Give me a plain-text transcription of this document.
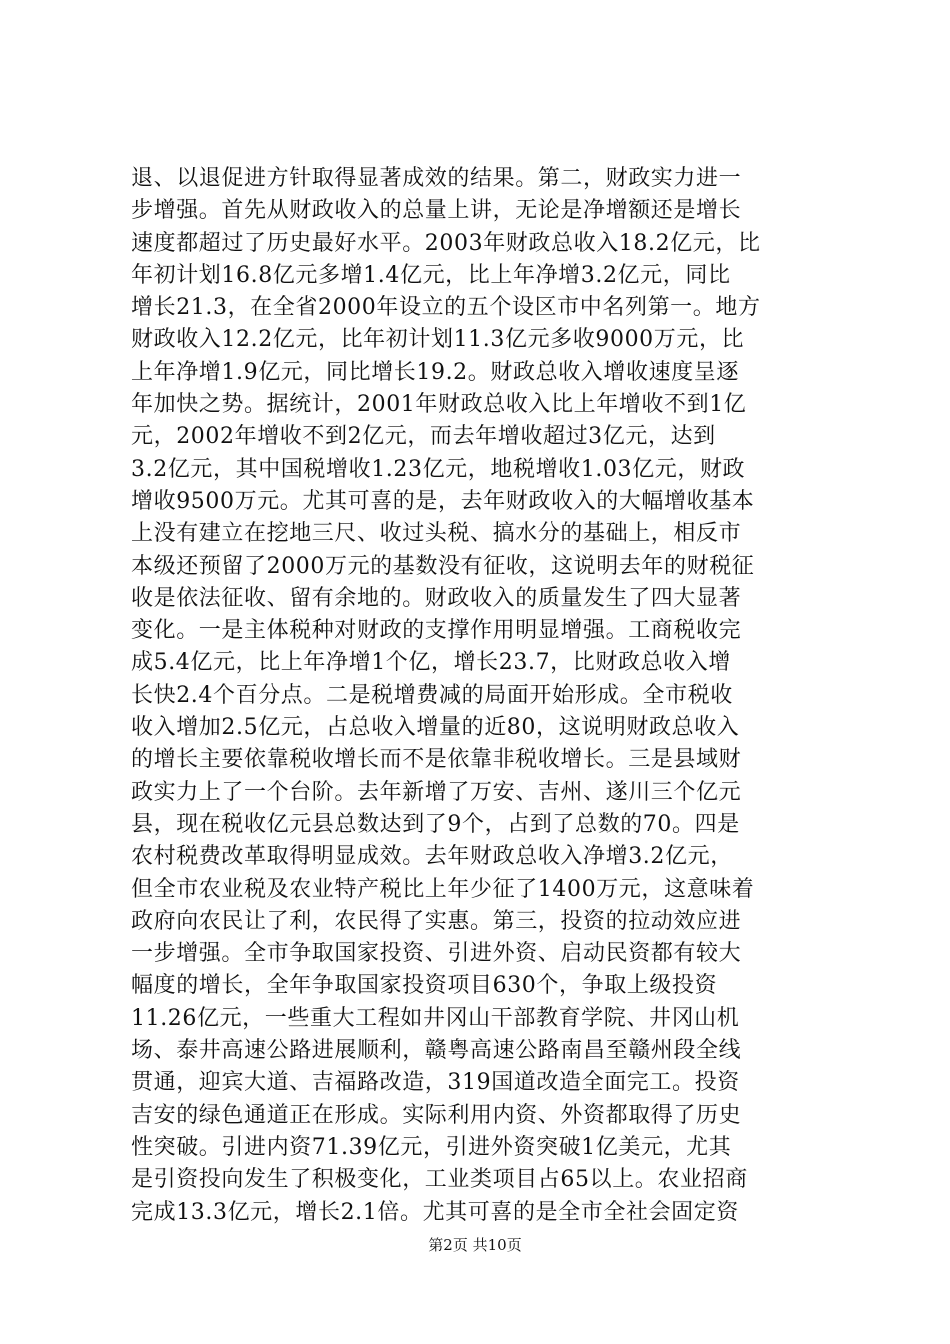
退、以退促进方针取得显著成效的结果。第二，财政实力进一
步增强。首先从财政收入的总量上讲，无论是净增额还是增长
速度都超过了历史最好水平。2003年财政总收入18.2亿元，比
年初计划16.8亿元多增1.4亿元，比上年净增3.2亿元，同比
增长21.3，在全省2000年设立的五个设区市中名列第一。地方
财政收入12.2亿元，比年初计划11.3亿元多收9000万元，比
上年净增1.9亿元，同比增长19.2。财政总收入增收速度呈逐
年加快之势。据统计，2001年财政总收入比上年增收不到1亿
元，2002年增收不到2亿元，而去年增收超过3亿元，达到
3.2亿元，其中国税增收1.23亿元，地税增收1.03亿元，财政
增收9500万元。尤其可喜的是，去年财政收入的大幅增收基本
上没有建立在挖地三尺、收过头税、搞水分的基础上，相反市
本级还预留了2000万元的基数没有征收，这说明去年的财税征
收是依法征收、留有余地的。财政收入的质量发生了四大显著
变化。一是主体税种对财政的支撑作用明显增强。工商税收完
成5.4亿元，比上年净增1个亿，增长23.7，比财政总收入增
长快2.4个百分点。二是税增费减的局面开始形成。全市税收
收入增加2.5亿元，占总收入增量的近80，这说明财政总收入
的增长主要依靠税收增长而不是依靠非税收增长。三是县域财
政实力上了一个台阶。去年新增了万安、吉州、遂川三个亿元
县，现在税收亿元县总数达到了9个，占到了总数的70。四是
农村税费改革取得明显成效。去年财政总收入净增3.2亿元，
但全市农业税及农业特产税比上年少征了1400万元，这意味着
政府向农民让了利，农民得了实惠。第三，投资的拉动效应进
一步增强。全市争取国家投资、引进外资、启动民资都有较大
幅度的增长，全年争取国家投资项目630个，争取上级投资
11.26亿元，一些重大工程如井冈山干部教育学院、井冈山机
场、泰井高速公路进展顺利，赣粤高速公路南昌至赣州段全线
贯通，迎宾大道、吉福路改造，319国道改造全面完工。投资
吉安的绿色通道正在形成。实际利用内资、外资都取得了历史
性突破。引进内资71.39亿元，引进外资突破1亿美元，尤其
是引资投向发生了积极变化，工业类项目占65以上。农业招商
完成13.3亿元，增长2.1倍。尤其可喜的是全市全社会固定资
第2页 共10页
